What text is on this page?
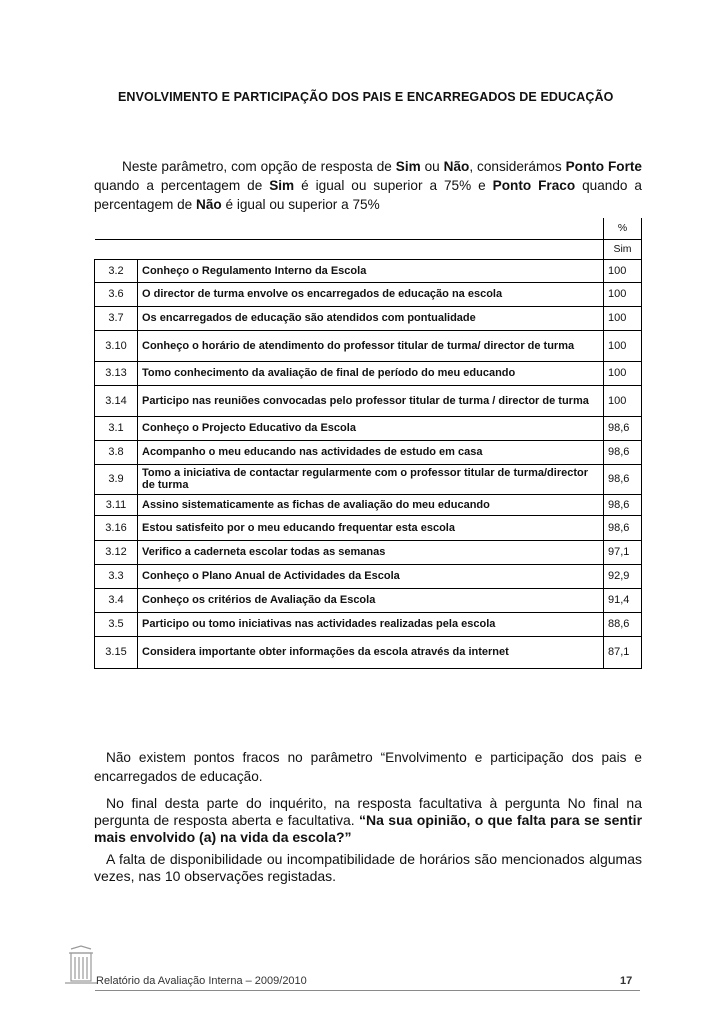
ENVOLVIMENTO E PARTICIPAÇÃO DOS PAIS E ENCARREGADOS DE EDUCAÇÃO
Neste parâmetro, com opção de resposta de Sim ou Não, considerámos Ponto Forte quando a percentagem de Sim é igual ou superior a 75% e Ponto Fraco quando a percentagem de Não é igual ou superior a 75%
		%
		Sim
3.2	Conheço o Regulamento Interno da Escola	100
3.6	O director de turma envolve os encarregados de educação na escola	100
3.7	Os encarregados de educação são atendidos com pontualidade	100
3.10	Conheço o horário de atendimento do professor titular de turma/ director de turma	100
3.13	Tomo conhecimento da avaliação de final de período do meu educando	100
3.14	Participo nas reuniões convocadas pelo professor titular de turma / director de turma	100
3.1	Conheço o Projecto Educativo da Escola	98,6
3.8	Acompanho o meu educando nas actividades de estudo em casa	98,6
3.9	Tomo a iniciativa de contactar regularmente com o professor titular de turma/director de turma	98,6
3.11	Assino sistematicamente as fichas de avaliação do meu educando	98,6
3.16	Estou satisfeito por o meu educando frequentar esta escola	98,6
3.12	Verifico a caderneta escolar todas as semanas	97,1
3.3	Conheço o Plano Anual de Actividades da Escola	92,9
3.4	Conheço os critérios de Avaliação da Escola	91,4
3.5	Participo ou tomo iniciativas nas actividades realizadas pela escola	88,6
3.15	Considera importante obter informações da escola através da internet	87,1
Não existem pontos fracos no parâmetro “Envolvimento e participação dos pais e encarregados de educação.
No final desta parte do inquérito, na resposta facultativa à pergunta No final na pergunta de resposta aberta e facultativa. “Na sua opinião, o que falta para se sentir mais envolvido (a) na vida da escola?”
A falta de disponibilidade ou incompatibilidade de horários são mencionados algumas vezes, nas 10 observações registadas.
Relatório da Avaliação Interna – 2009/2010	17
